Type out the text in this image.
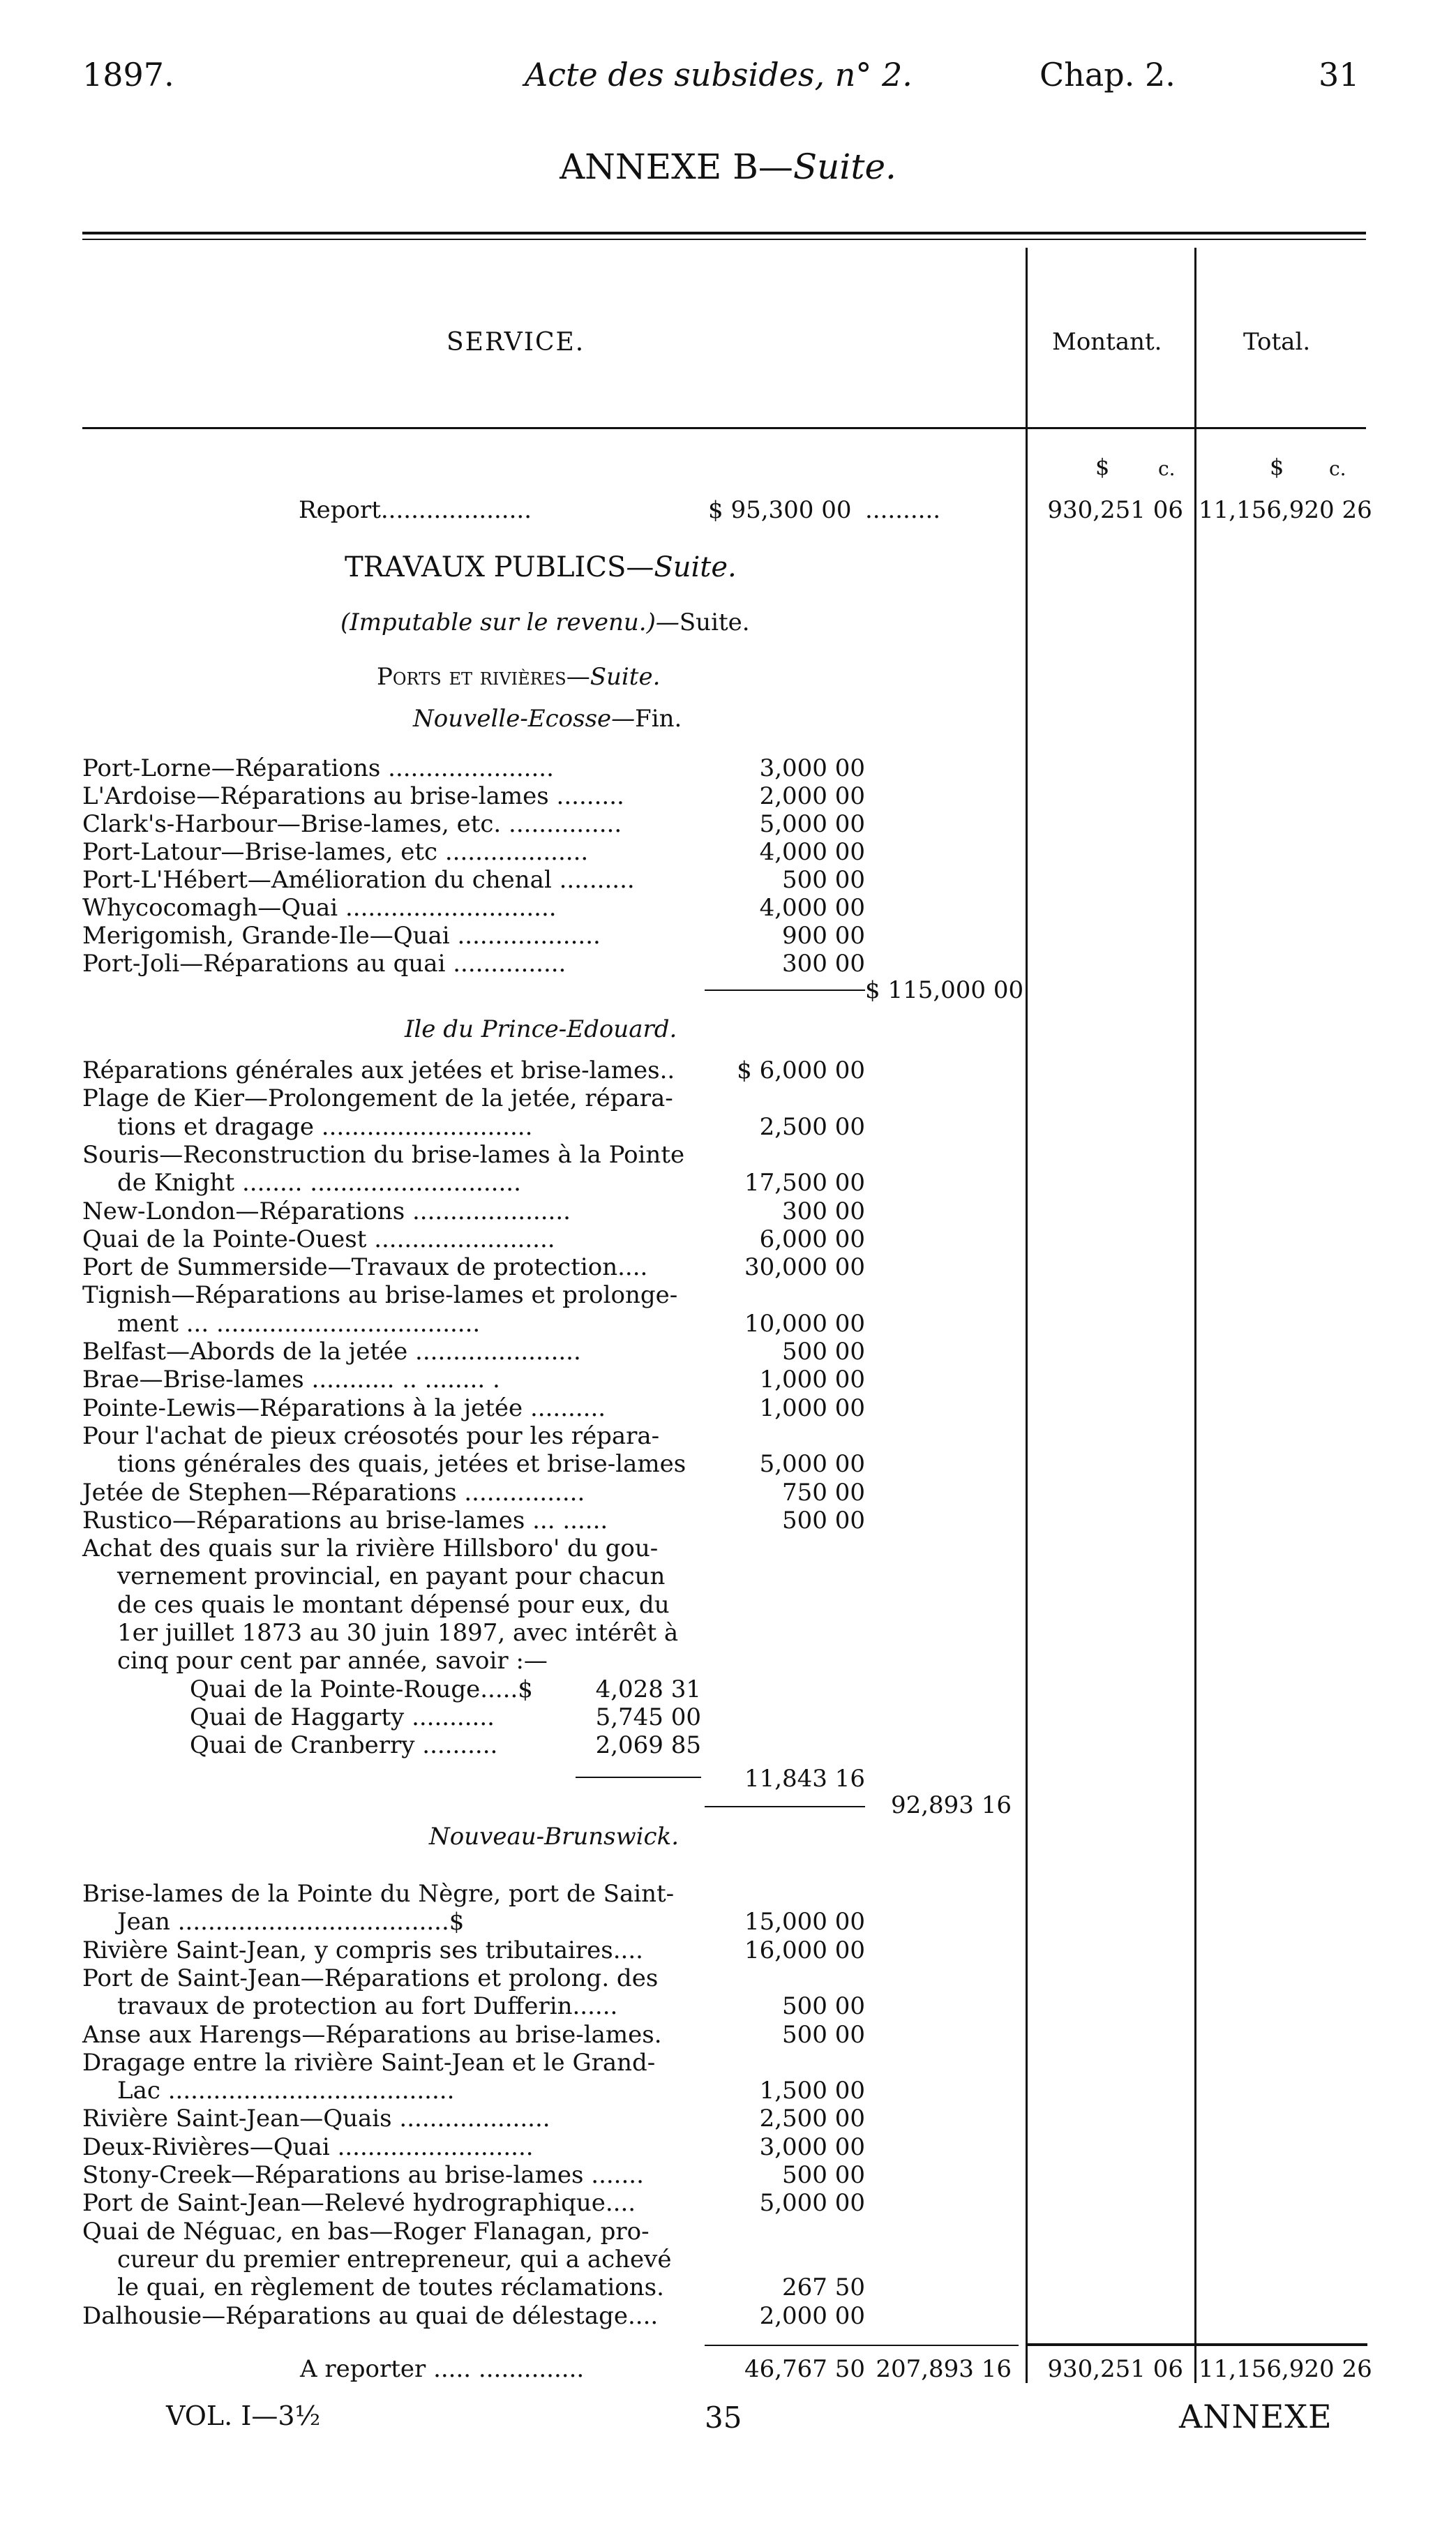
1897.	Acte des subsides, n° 2.	Chap. 2.	31
ANNEXE B—Suite.
SERVICE.	Montant.	Total.
$ c.	$ c.
Report....................	$ 95,300 00 ..........	930,251 06 11,156,920 26
TRAVAUX PUBLICS—Suite.
(Imputable sur le revenu.)—Suite.
Ports et rivières—Suite.
Nouvelle-Ecosse—Fin.
Port-Lorne—Réparations ......................	3,000 00
L'Ardoise—Réparations au brise-lames .........	2,000 00
Clark's-Harbour—Brise-lames, etc. ...............	5,000 00
Port-Latour—Brise-lames, etc ...................	4,000 00
Port-L'Hébert—Amélioration du chenal ..........	500 00
Whycocomagh—Quai ............................	4,000 00
Merigomish, Grande-Ile—Quai ...................	900 00
Port-Joli—Réparations au quai ...............	300 00
$ 115,000 00
Ile du Prince-Edouard.
Réparations générales aux jetées et brise-lames..	$ 6,000 00
Plage de Kier—Prolongement de la jetée, répara-
tions et dragage ............................	2,500 00
Souris—Reconstruction du brise-lames à la Pointe
de Knight ........ ............................	17,500 00
New-London—Réparations .....................	300 00
Quai de la Pointe-Ouest ........................	6,000 00
Port de Summerside—Travaux de protection....	30,000 00
Tignish—Réparations au brise-lames et prolonge-
ment ... ...................................	10,000 00
Belfast—Abords de la jetée ......................	500 00
Brae—Brise-lames ........... .. ........ .	1,000 00
Pointe-Lewis—Réparations à la jetée ..........	1,000 00
Pour l'achat de pieux créosotés pour les répara-
tions générales des quais, jetées et brise-lames	5,000 00
Jetée de Stephen—Réparations ................	750 00
Rustico—Réparations au brise-lames ... ......	500 00
Achat des quais sur la rivière Hillsboro' du gou-
vernement provincial, en payant pour chacun
de ces quais le montant dépensé pour eux, du
1er juillet 1873 au 30 juin 1897, avec intérêt à
cinq pour cent par année, savoir :—
Quai de la Pointe-Rouge.....$	4,028 31
Quai de Haggarty ...........	5,745 00
Quai de Cranberry ..........	2,069 85
11,843 16
92,893 16
Nouveau-Brunswick.
Brise-lames de la Pointe du Nègre, port de Saint-
Jean ....................................$	15,000 00
Rivière Saint-Jean, y compris ses tributaires....	16,000 00
Port de Saint-Jean—Réparations et prolong. des
travaux de protection au fort Dufferin......	500 00
Anse aux Harengs—Réparations au brise-lames.	500 00
Dragage entre la rivière Saint-Jean et le Grand-
Lac ......................................	1,500 00
Rivière Saint-Jean—Quais ....................	2,500 00
Deux-Rivières—Quai ..........................	3,000 00
Stony-Creek—Réparations au brise-lames .......	500 00
Port de Saint-Jean—Relevé hydrographique....	5,000 00
Quai de Néguac, en bas—Roger Flanagan, pro-
cureur du premier entrepreneur, qui a achevé
le quai, en règlement de toutes réclamations.	267 50
Dalhousie—Réparations au quai de délestage....	2,000 00
A reporter ..... ..............	46,767 50 207,893 16	930,251 06 11,156,920 26
VOL. I—3½	35	ANNEXE
